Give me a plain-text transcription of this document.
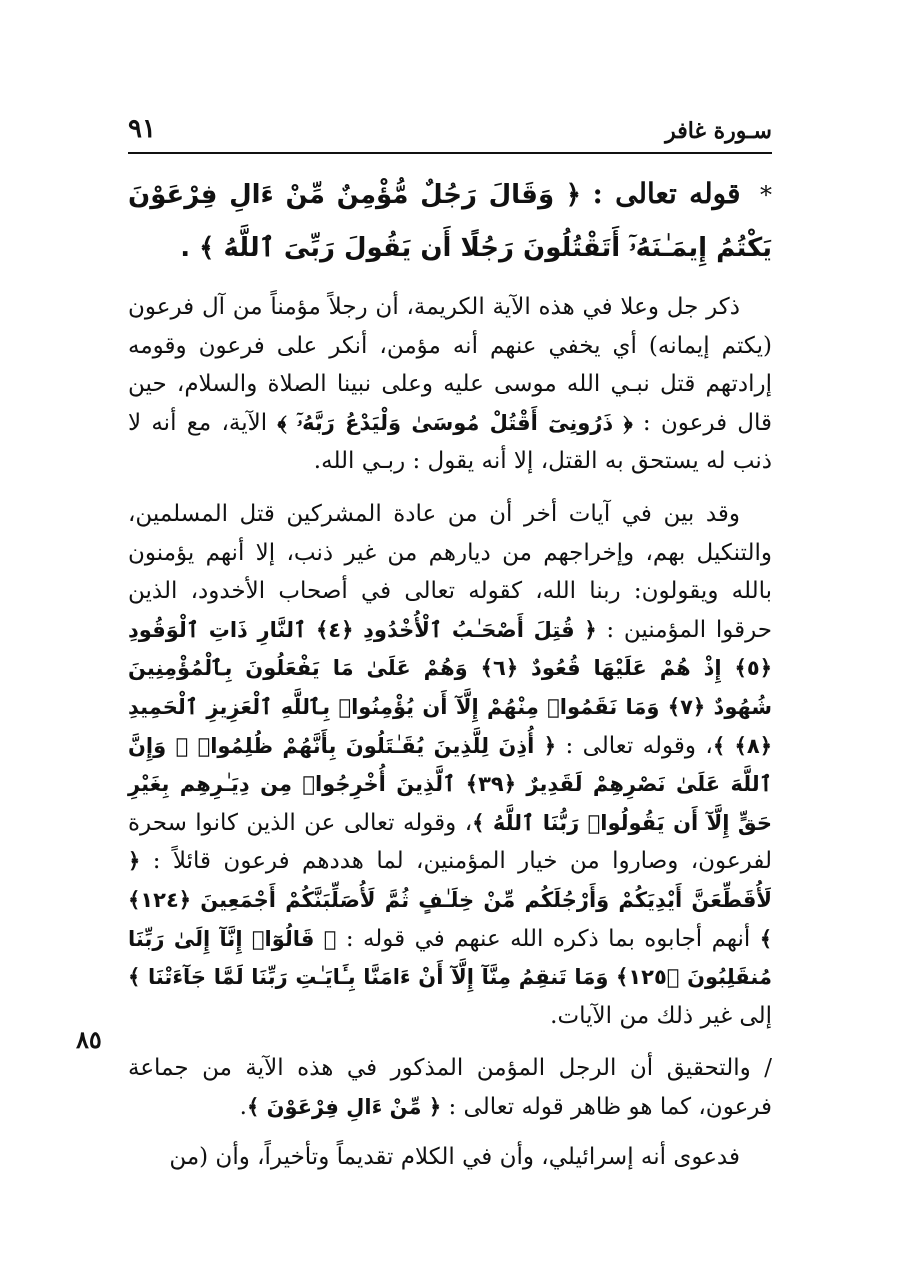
سـورة غافر
٩١

* قوله تعالى : ﴿ وَقَالَ رَجُلٌ مُّؤْمِنٌ مِّنْ ءَالِ فِرْعَوْنَ يَكْتُمُ إِيمَـٰنَهُۥٓ أَتَقْتُلُونَ رَجُلًا أَن يَقُولَ رَبِّىَ ٱللَّهُ ﴾ .

ذكر جل وعلا في هذه الآية الكريمة، أن رجلاً مؤمناً من آل فرعون (يكتم إيمانه) أي يخفي عنهم أنه مؤمن، أنكر على فرعون وقومه إرادتهم قتل نبـي الله موسى عليه وعلى نبينا الصلاة والسلام، حين قال فرعون : ﴿ ذَرُونِىٓ أَقْتُلْ مُوسَىٰ وَلْيَدْعُ رَبَّهُۥٓ ﴾ الآية، مع أنه لا ذنب له يستحق به القتل، إلا أنه يقول : ربـي الله.

وقد بين في آيات أخر أن من عادة المشركين قتل المسلمين، والتنكيل بهم، وإخراجهم من ديارهم من غير ذنب، إلا أنهم يؤمنون بالله ويقولون: ربنا الله، كقوله تعالى في أصحاب الأخدود، الذين حرقوا المؤمنين : ﴿ قُتِلَ أَصْحَـٰبُ ٱلْأُخْدُودِ ﴿٤﴾ ٱلنَّارِ ذَاتِ ٱلْوَقُودِ ﴿٥﴾ إِذْ هُمْ عَلَيْهَا قُعُودٌ ﴿٦﴾ وَهُمْ عَلَىٰ مَا يَفْعَلُونَ بِٱلْمُؤْمِنِينَ شُهُودٌ ﴿٧﴾ وَمَا نَقَمُوا۟ مِنْهُمْ إِلَّآ أَن يُؤْمِنُوا۟ بِٱللَّهِ ٱلْعَزِيزِ ٱلْحَمِيدِ ﴿٨﴾ ﴾، وقوله تعالى : ﴿ أُذِنَ لِلَّذِينَ يُقَـٰتَلُونَ بِأَنَّهُمْ ظُلِمُوا۟ ۚ وَإِنَّ ٱللَّهَ عَلَىٰ نَصْرِهِمْ لَقَدِيرٌ ﴿٣٩﴾ ٱلَّذِينَ أُخْرِجُوا۟ مِن دِيَـٰرِهِم بِغَيْرِ حَقٍّ إِلَّآ أَن يَقُولُوا۟ رَبُّنَا ٱللَّهُ ﴾، وقوله تعالى عن الذين كانوا سحرة لفرعون، وصاروا من خيار المؤمنين، لما هددهم فرعون قائلاً : ﴿ لَأُقَطِّعَنَّ أَيْدِيَكُمْ وَأَرْجُلَكُم مِّنْ خِلَـٰفٍ ثُمَّ لَأُصَلِّبَنَّكُمْ أَجْمَعِينَ ﴿١٢٤﴾ ﴾ أنهم أجابوه بما ذكره الله عنهم في قوله : ﴿ قَالُوٓا۟ إِنَّآ إِلَىٰ رَبِّنَا مُنقَلِبُونَ ﴿١٢٥﴾ وَمَا تَنقِمُ مِنَّآ إِلَّآ أَنْ ءَامَنَّا بِـَٔايَـٰتِ رَبِّنَا لَمَّا جَآءَتْنَا ﴾ إلى غير ذلك من الآيات.

/ والتحقيق أن الرجل المؤمن المذكور في هذه الآية من جماعة فرعون، كما هو ظاهر قوله تعالى : ﴿ مِّنْ ءَالِ فِرْعَوْنَ ﴾.

فدعوى أنه إسرائيلي، وأن في الكلام تقديماً وتأخيراً، وأن (من

٨٥
